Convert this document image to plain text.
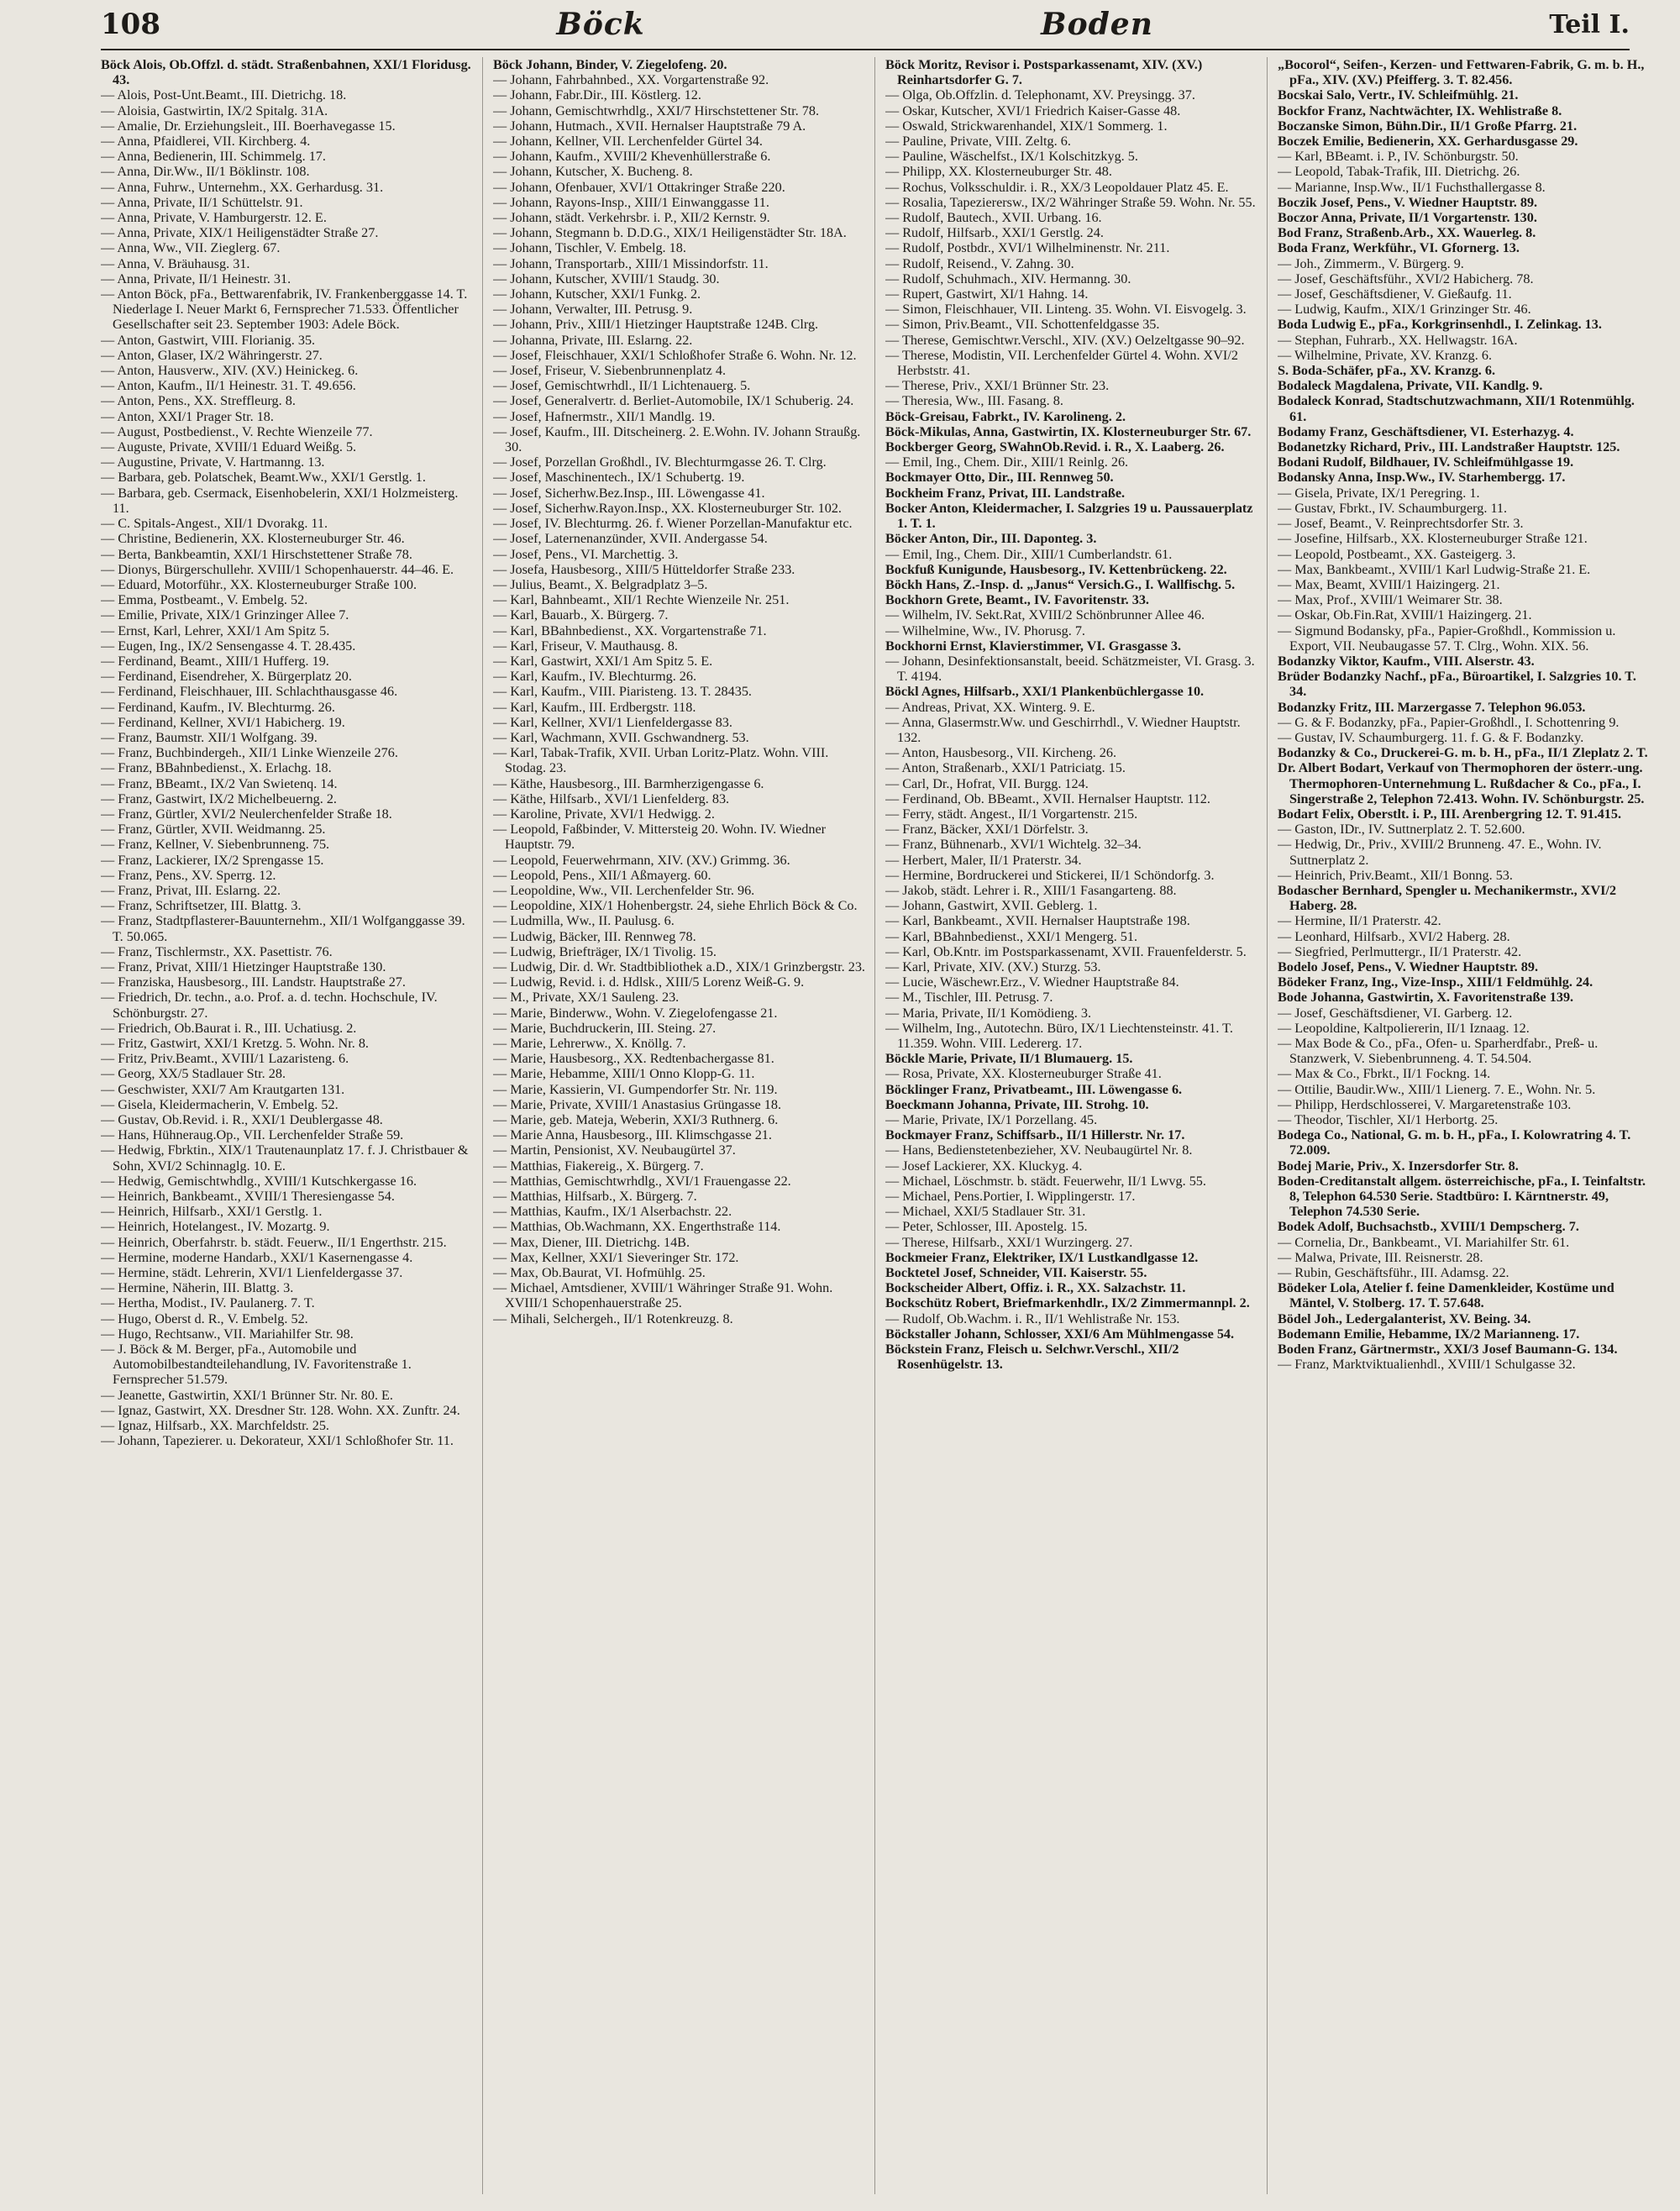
108	Böck	Boden	Teil I.

Böck Alois, Ob.Offzl. d. städt. Straßenbahnen, XXI/1 Floridusg. 43.

— Alois, Post-Unt.Beamt., III. Dietrichg. 18.

— Aloisia, Gastwirtin, IX/2 Spitalg. 31A.

— Amalie, Dr. Erziehungsleit., III. Boerhavegasse 15.

— Anna, Pfaidlerei, VII. Kirchberg. 4.

— Anna, Bedienerin, III. Schimmelg. 17.

— Anna, Dir.Ww., II/1 Böklinstr. 108.

— Anna, Fuhrw., Unternehm., XX. Gerhardusg. 31.

— Anna, Private, II/1 Schüttelstr. 91.

— Anna, Private, V. Hamburgerstr. 12. E.

— Anna, Private, XIX/1 Heiligenstädter Straße 27.

— Anna, Ww., VII. Zieglerg. 67.

— Anna, V. Bräuhausg. 31.

— Anna, Private, II/1 Heinestr. 31.

— Anton Böck, pFa., Bettwarenfabrik, IV. Frankenberggasse 14. T. Niederlage I. Neuer Markt 6, Fernsprecher 71.533. Öffentlicher Gesellschafter seit 23. September 1903: Adele Böck.

— Anton, Gastwirt, VIII. Florianig. 35.

— Anton, Glaser, IX/2 Währingerstr. 27.

— Anton, Hausverw., XIV. (XV.) Heinickeg. 6.

— Anton, Kaufm., II/1 Heinestr. 31. T. 49.656.

— Anton, Pens., XX. Streffleurg. 8.

— Anton, XXI/1 Prager Str. 18.

— August, Postbedienst., V. Rechte Wienzeile 77.

— Auguste, Private, XVIII/1 Eduard Weißg. 5.

— Augustine, Private, V. Hartmanng. 13.

— Barbara, geb. Polatschek, Beamt.Ww., XXI/1 Gerstlg. 1.

— Barbara, geb. Csermack, Eisenhobelerin, XXI/1 Holzmeisterg. 11.

— C. Spitals-Angest., XII/1 Dvorakg. 11.

— Christine, Bedienerin, XX. Klosterneuburger Str. 46.

— Berta, Bankbeamtin, XXI/1 Hirschstettener Straße 78.

— Dionys, Bürgerschullehr. XVIII/1 Schopenhauerstr. 44–46. E.

— Eduard, Motorführ., XX. Klosterneuburger Straße 100.

— Emma, Postbeamt., V. Embelg. 52.

— Emilie, Private, XIX/1 Grinzinger Allee 7.

— Ernst, Karl, Lehrer, XXI/1 Am Spitz 5.

— Eugen, Ing., IX/2 Sensengasse 4. T. 28.435.

— Ferdinand, Beamt., XIII/1 Hufferg. 19.

— Ferdinand, Eisendreher, X. Bürgerplatz 20.

— Ferdinand, Fleischhauer, III. Schlachthausgasse 46.

— Ferdinand, Kaufm., IV. Blechturmg. 26.

— Ferdinand, Kellner, XVI/1 Habicherg. 19.

— Franz, Baumstr. XII/1 Wolfgang. 39.

— Franz, Buchbindergeh., XII/1 Linke Wienzeile 276.

— Franz, BBahnbedienst., X. Erlachg. 18.

— Franz, BBeamt., IX/2 Van Swietenq. 14.

— Franz, Gastwirt, IX/2 Michelbeuerng. 2.

— Franz, Gürtler, XVI/2 Neulerchenfelder Straße 18.

— Franz, Gürtler, XVII. Weidmanng. 25.

— Franz, Kellner, V. Siebenbrunneng. 75.

— Franz, Lackierer, IX/2 Sprengasse 15.

— Franz, Pens., XV. Sperrg. 12.

— Franz, Privat, III. Eslarng. 22.

— Franz, Schriftsetzer, III. Blattg. 3.

— Franz, Stadtpflasterer-Bauunternehm., XII/1 Wolfganggasse 39. T. 50.065.

— Franz, Tischlermstr., XX. Pasettistr. 76.

— Franz, Privat, XIII/1 Hietzinger Hauptstraße 130.

— Franziska, Hausbesorg., III. Landstr. Hauptstraße 27.

— Friedrich, Dr. techn., a.o. Prof. a. d. techn. Hochschule, IV. Schönburgstr. 27.

— Friedrich, Ob.Baurat i. R., III. Uchatiusg. 2.

— Fritz, Gastwirt, XXI/1 Kretzg. 5. Wohn. Nr. 8.

— Fritz, Priv.Beamt., XVIII/1 Lazaristeng. 6.

— Georg, XX/5 Stadlauer Str. 28.

— Geschwister, XXI/7 Am Krautgarten 131.

— Gisela, Kleidermacherin, V. Embelg. 52.

— Gustav, Ob.Revid. i. R., XXI/1 Deublergasse 48.

— Hans, Hühneraug.Op., VII. Lerchenfelder Straße 59.

— Hedwig, Fbrktin., XIX/1 Trautenaunplatz 17. f. J. Christbauer & Sohn, XVI/2 Schinnaglg. 10. E.

— Hedwig, Gemischtwhdlg., XVIII/1 Kutschkergasse 16.

— Heinrich, Bankbeamt., XVIII/1 Theresiengasse 54.

— Heinrich, Hilfsarb., XXI/1 Gerstlg. 1.

— Heinrich, Hotelangest., IV. Mozartg. 9.

— Heinrich, Oberfahrstr. b. städt. Feuerw., II/1 Engerthstr. 215.

— Hermine, moderne Handarb., XXI/1 Kasernengasse 4.

— Hermine, städt. Lehrerin, XVI/1 Lienfeldergasse 37.

— Hermine, Näherin, III. Blattg. 3.

— Hertha, Modist., IV. Paulanerg. 7. T.

— Hugo, Oberst d. R., V. Embelg. 52.

— Hugo, Rechtsanw., VII. Mariahilfer Str. 98.

— J. Böck & M. Berger, pFa., Automobile und Automobilbestandteilehandlung, IV. Favoritenstraße 1. Fernsprecher 51.579.

— Jeanette, Gastwirtin, XXI/1 Brünner Str. Nr. 80. E.

— Ignaz, Gastwirt, XX. Dresdner Str. 128. Wohn. XX. Zunftr. 24.

— Ignaz, Hilfsarb., XX. Marchfeldstr. 25.

— Johann, Tapezierer. u. Dekorateur, XXI/1 Schloßhofer Str. 11.

Böck Johann, Binder, V. Ziegelofeng. 20.

— Johann, Fahrbahnbed., XX. Vorgartenstraße 92.

— Johann, Fabr.Dir., III. Köstlerg. 12.

— Johann, Gemischtwrhdlg., XXI/7 Hirschstettener Str. 78.

— Johann, Hutmach., XVII. Hernalser Hauptstraße 79 A.

— Johann, Kellner, VII. Lerchenfelder Gürtel 34.

— Johann, Kaufm., XVIII/2 Khevenhüllerstraße 6.

— Johann, Kutscher, X. Bucheng. 8.

— Johann, Ofenbauer, XVI/1 Ottakringer Straße 220.

— Johann, Rayons-Insp., XIII/1 Einwanggasse 11.

— Johann, städt. Verkehrsbr. i. P., XII/2 Kernstr. 9.

— Johann, Stegmann b. D.D.G., XIX/1 Heiligenstädter Str. 18A.

— Johann, Tischler, V. Embelg. 18.

— Johann, Transportarb., XIII/1 Missindorfstr. 11.

— Johann, Kutscher, XVIII/1 Staudg. 30.

— Johann, Kutscher, XXI/1 Funkg. 2.

— Johann, Verwalter, III. Petrusg. 9.

— Johann, Priv., XIII/1 Hietzinger Hauptstraße 124B. Clrg.

— Johanna, Private, III. Eslarng. 22.

— Josef, Fleischhauer, XXI/1 Schloßhofer Straße 6. Wohn. Nr. 12.

— Josef, Friseur, V. Siebenbrunnenplatz 4.

— Josef, Gemischtwrhdl., II/1 Lichtenauerg. 5.

— Josef, Generalvertr. d. Berliet-Automobile, IX/1 Schuberig. 24.

— Josef, Hafnermstr., XII/1 Mandlg. 19.

— Josef, Kaufm., III. Ditscheinerg. 2. E.Wohn. IV. Johann Straußg. 30.

— Josef, Porzellan Großhdl., IV. Blechturmgasse 26. T. Clrg.

— Josef, Maschinentech., IX/1 Schubertg. 19.

— Josef, Sicherhw.Bez.Insp., III. Löwengasse 41.

— Josef, Sicherhw.Rayon.Insp., XX. Klosterneuburger Str. 102.

— Josef, IV. Blechturmg. 26. f. Wiener Porzellan-Manufaktur etc.

— Josef, Laternenanzünder, XVII. Andergasse 54.

— Josef, Pens., VI. Marchettig. 3.

— Josefa, Hausbesorg., XIII/5 Hütteldorfer Straße 233.

— Julius, Beamt., X. Belgradplatz 3–5.

— Karl, Bahnbeamt., XII/1 Rechte Wienzeile Nr. 251.

— Karl, Bauarb., X. Bürgerg. 7.

— Karl, BBahnbedienst., XX. Vorgartenstraße 71.

— Karl, Friseur, V. Mauthausg. 8.

— Karl, Gastwirt, XXI/1 Am Spitz 5. E.

— Karl, Kaufm., IV. Blechturmg. 26.

— Karl, Kaufm., VIII. Piaristeng. 13. T. 28435.

— Karl, Kaufm., III. Erdbergstr. 118.

— Karl, Kellner, XVI/1 Lienfeldergasse 83.

— Karl, Wachmann, XVII. Gschwandnerg. 53.

— Karl, Tabak-Trafik, XVII. Urban Loritz-Platz. Wohn. VIII. Stodag. 23.

— Käthe, Hausbesorg., III. Barmherzigengasse 6.

— Käthe, Hilfsarb., XVI/1 Lienfelderg. 83.

— Karoline, Private, XVI/1 Hedwigg. 2.

— Leopold, Faßbinder, V. Mittersteig 20. Wohn. IV. Wiedner Hauptstr. 79.

— Leopold, Feuerwehrmann, XIV. (XV.) Grimmg. 36.

— Leopold, Pens., XII/1 Aßmayerg. 60.

— Leopoldine, Ww., VII. Lerchenfelder Str. 96.

— Leopoldine, XIX/1 Hohenbergstr. 24, siehe Ehrlich Böck & Co.

— Ludmilla, Ww., II. Paulusg. 6.

— Ludwig, Bäcker, III. Rennweg 78.

— Ludwig, Briefträger, IX/1 Tivolig. 15.

— Ludwig, Dir. d. Wr. Stadtbibliothek a.D., XIX/1 Grinzbergstr. 23.

— Ludwig, Revid. i. d. Hdlsk., XIII/5 Lorenz Weiß-G. 9.

— M., Private, XX/1 Sauleng. 23.

— Marie, Binderww., Wohn. V. Ziegelofengasse 21.

— Marie, Buchdruckerin, III. Steing. 27.

— Marie, Lehrerww., X. Knöllg. 7.

— Marie, Hausbesorg., XX. Redtenbachergasse 81.

— Marie, Hebamme, XIII/1 Onno Klopp-G. 11.

— Marie, Kassierin, VI. Gumpendorfer Str. Nr. 119.

— Marie, Private, XVIII/1 Anastasius Grüngasse 18.

— Marie, geb. Mateja, Weberin, XXI/3 Ruthnerg. 6.

— Marie Anna, Hausbesorg., III. Klimschgasse 21.

— Martin, Pensionist, XV. Neubaugürtel 37.

— Matthias, Fiakereig., X. Bürgerg. 7.

— Matthias, Gemischtwrhdlg., XVI/1 Frauengasse 22.

— Matthias, Hilfsarb., X. Bürgerg. 7.

— Matthias, Kaufm., IX/1 Alserbachstr. 22.

— Matthias, Ob.Wachmann, XX. Engerthstraße 114.

— Max, Diener, III. Dietrichg. 14B.

— Max, Kellner, XXI/1 Sieveringer Str. 172.

— Max, Ob.Baurat, VI. Hofmühlg. 25.

— Michael, Amtsdiener, XVIII/1 Währinger Straße 91. Wohn. XVIII/1 Schopenhauerstraße 25.

— Mihali, Selchergeh., II/1 Rotenkreuzg. 8.

Böck Moritz, Revisor i. Postsparkassenamt, XIV. (XV.) Reinhartsdorfer G. 7.

— Olga, Ob.Offzlin. d. Telephonamt, XV. Preysingg. 37.

— Oskar, Kutscher, XVI/1 Friedrich Kaiser-Gasse 48.

— Oswald, Strickwarenhandel, XIX/1 Sommerg. 1.

— Pauline, Private, VIII. Zeltg. 6.

— Pauline, Wäschelfst., IX/1 Kolschitzkyg. 5.

— Philipp, XX. Klosterneuburger Str. 48.

— Rochus, Volksschuldir. i. R., XX/3 Leopoldauer Platz 45. E.

— Rosalia, Tapezierersw., IX/2 Währinger Straße 59. Wohn. Nr. 55.

— Rudolf, Bautech., XVII. Urbang. 16.

— Rudolf, Hilfsarb., XXI/1 Gerstlg. 24.

— Rudolf, Postbdr., XVI/1 Wilhelminenstr. Nr. 211.

— Rudolf, Reisend., V. Zahng. 30.

— Rudolf, Schuhmach., XIV. Hermanng. 30.

— Rupert, Gastwirt, XI/1 Hahng. 14.

— Simon, Fleischhauer, VII. Linteng. 35. Wohn. VI. Eisvogelg. 3.

— Simon, Priv.Beamt., VII. Schottenfeldgasse 35.

— Therese, Gemischtwr.Verschl., XIV. (XV.) Oelzeltgasse 90–92.

— Therese, Modistin, VII. Lerchenfelder Gürtel 4. Wohn. XVI/2 Herbststr. 41.

— Therese, Priv., XXI/1 Brünner Str. 23.

— Theresia, Ww., III. Fasang. 8.

Böck-Greisau, Fabrkt., IV. Karolineng. 2.

Böck-Mikulas, Anna, Gastwirtin, IX. Klosterneuburger Str. 67.

Bockberger Georg, SWahnOb.Revid. i. R., X. Laaberg. 26.

— Emil, Ing., Chem. Dir., XIII/1 Reinlg. 26.

Bockmayer Otto, Dir., III. Rennweg 50.

Bockheim Franz, Privat, III. Landstraße.

Bocker Anton, Kleidermacher, I. Salzgries 19 u. Paussauerplatz 1. T. 1.

Böcker Anton, Dir., III. Daponteg. 3.

— Emil, Ing., Chem. Dir., XIII/1 Cumberlandstr. 61.

Bockfuß Kunigunde, Hausbesorg., IV. Kettenbrückeng. 22.

Böckh Hans, Z.-Insp. d. „Janus“ Versich.G., I. Wallfischg. 5.

Bockhorn Grete, Beamt., IV. Favoritenstr. 33.

— Wilhelm, IV. Sekt.Rat, XVIII/2 Schönbrunner Allee 46.

— Wilhelmine, Ww., IV. Phorusg. 7.

Bockhorni Ernst, Klavierstimmer, VI. Grasgasse 3.

— Johann, Desinfektionsanstalt, beeid. Schätzmeister, VI. Grasg. 3. T. 4194.

Böckl Agnes, Hilfsarb., XXI/1 Plankenbüchlergasse 10.

— Andreas, Privat, XX. Winterg. 9. E.

— Anna, Glasermstr.Ww. und Geschirrhdl., V. Wiedner Hauptstr. 132.

— Anton, Hausbesorg., VII. Kircheng. 26.

— Anton, Straßenarb., XXI/1 Patriciatg. 15.

— Carl, Dr., Hofrat, VII. Burgg. 124.

— Ferdinand, Ob. BBeamt., XVII. Hernalser Hauptstr. 112.

— Ferry, städt. Angest., II/1 Vorgartenstr. 215.

— Franz, Bäcker, XXI/1 Dörfelstr. 3.

— Franz, Bühnenarb., XVI/1 Wichtelg. 32–34.

— Herbert, Maler, II/1 Praterstr. 34.

— Hermine, Bordruckerei und Stickerei, II/1 Schöndorfg. 3.

— Jakob, städt. Lehrer i. R., XIII/1 Fasangarteng. 88.

— Johann, Gastwirt, XVII. Geblerg. 1.

— Karl, Bankbeamt., XVII. Hernalser Hauptstraße 198.

— Karl, BBahnbedienst., XXI/1 Mengerg. 51.

— Karl, Ob.Kntr. im Postsparkassenamt, XVII. Frauenfelderstr. 5.

— Karl, Private, XIV. (XV.) Sturzg. 53.

— Lucie, Wäschewr.Erz., V. Wiedner Hauptstraße 84.

— M., Tischler, III. Petrusg. 7.

— Maria, Private, II/1 Komödieng. 3.

— Wilhelm, Ing., Autotechn. Büro, IX/1 Liechtensteinstr. 41. T. 11.359. Wohn. VIII. Ledererg. 17.

Böckle Marie, Private, II/1 Blumauerg. 15.

— Rosa, Private, XX. Klosterneuburger Straße 41.

Böcklinger Franz, Privatbeamt., III. Löwengasse 6.

Boeckmann Johanna, Private, III. Strohg. 10.

— Marie, Private, IX/1 Porzellang. 45.

Bockmayer Franz, Schiffsarb., II/1 Hillerstr. Nr. 17.

— Hans, Bedienstetenbezieher, XV. Neubaugürtel Nr. 8.

— Josef Lackierer, XX. Kluckyg. 4.

— Michael, Löschmstr. b. städt. Feuerwehr, II/1 Lwvg. 55.

— Michael, Pens.Portier, I. Wipplingerstr. 17.

— Michael, XXI/5 Stadlauer Str. 31.

— Peter, Schlosser, III. Apostelg. 15.

— Therese, Hilfsarb., XXI/1 Wurzingerg. 27.

Bockmeier Franz, Elektriker, IX/1 Lustkandlgasse 12.

Bocktetel Josef, Schneider, VII. Kaiserstr. 55.

Bockscheider Albert, Offiz. i. R., XX. Salzachstr. 11.

Bockschütz Robert, Briefmarkenhdlr., IX/2 Zimmermannpl. 2.

— Rudolf, Ob.Wachm. i. R., II/1 Wehlistraße Nr. 153.

Böckstaller Johann, Schlosser, XXI/6 Am Mühlmengasse 54.

Böckstein Franz, Fleisch u. Selchwr.Verschl., XII/2 Rosenhügelstr. 13.

„Bocorol“, Seifen-, Kerzen- und Fettwaren-Fabrik, G. m. b. H., pFa., XIV. (XV.) Pfeifferg. 3. T. 82.456.

Bocskai Salo, Vertr., IV. Schleifmühlg. 21.

Bockfor Franz, Nachtwächter, IX. Wehlistraße 8.

Boczanske Simon, Bühn.Dir., II/1 Große Pfarrg. 21.

Boczek Emilie, Bedienerin, XX. Gerhardusgasse 29.

— Karl, BBeamt. i. P., IV. Schönburgstr. 50.

— Leopold, Tabak-Trafik, III. Dietrichg. 26.

— Marianne, Insp.Ww., II/1 Fuchsthallergasse 8.

Boczik Josef, Pens., V. Wiedner Hauptstr. 89.

Boczor Anna, Private, II/1 Vorgartenstr. 130.

Bod Franz, Straßenb.Arb., XX. Wauerleg. 8.

Boda Franz, Werkführ., VI. Gfornerg. 13.

— Joh., Zimmerm., V. Bürgerg. 9.

— Josef, Geschäftsführ., XVI/2 Habicherg. 78.

— Josef, Geschäftsdiener, V. Gießaufg. 11.

— Ludwig, Kaufm., XIX/1 Grinzinger Str. 46.

Boda Ludwig E., pFa., Korkgrinsenhdl., I. Zelinkag. 13.

— Stephan, Fuhrarb., XX. Hellwagstr. 16A.

— Wilhelmine, Private, XV. Kranzg. 6.

S. Boda-Schäfer, pFa., XV. Kranzg. 6.

Bodaleck Magdalena, Private, VII. Kandlg. 9.

Bodaleck Konrad, Stadtschutzwachmann, XII/1 Rotenmühlg. 61.

Bodamy Franz, Geschäftsdiener, VI. Esterhazyg. 4.

Bodanetzky Richard, Priv., III. Landstraßer Hauptstr. 125.

Bodani Rudolf, Bildhauer, IV. Schleifmühlgasse 19.

Bodansky Anna, Insp.Ww., IV. Starhembergg. 17.

— Gisela, Private, IX/1 Peregring. 1.

— Gustav, Fbrkt., IV. Schaumburgerg. 11.

— Josef, Beamt., V. Reinprechtsdorfer Str. 3.

— Josefine, Hilfsarb., XX. Klosterneuburger Straße 121.

— Leopold, Postbeamt., XX. Gasteigerg. 3.

— Max, Bankbeamt., XVIII/1 Karl Ludwig-Straße 21. E.

— Max, Beamt, XVIII/1 Haizingerg. 21.

— Max, Prof., XVIII/1 Weimarer Str. 38.

— Oskar, Ob.Fin.Rat, XVIII/1 Haizingerg. 21.

— Sigmund Bodansky, pFa., Papier-Großhdl., Kommission u. Export, VII. Neubaugasse 57. T. Clrg., Wohn. XIX. 56.

Bodanzky Viktor, Kaufm., VIII. Alserstr. 43.

Brüder Bodanzky Nachf., pFa., Büroartikel, I. Salzgries 10. T. 34.

Bodanzky Fritz, III. Marzergasse 7. Telephon 96.053.

— G. & F. Bodanzky, pFa., Papier-Großhdl., I. Schottenring 9.

— Gustav, IV. Schaumburgerg. 11. f. G. & F. Bodanzky.

Bodanzky & Co., Druckerei-G. m. b. H., pFa., II/1 Zleplatz 2. T.

Dr. Albert Bodart, Verkauf von Thermophoren der österr.-ung. Thermophoren-Unternehmung L. Rußdacher & Co., pFa., I. Singerstraße 2, Telephon 72.413. Wohn. IV. Schönburgstr. 25.

Bodart Felix, Oberstlt. i. P., III. Arenbergring 12. T. 91.415.

— Gaston, IDr., IV. Suttnerplatz 2. T. 52.600.

— Hedwig, Dr., Priv., XVIII/2 Brunneng. 47. E., Wohn. IV. Suttnerplatz 2.

— Heinrich, Priv.Beamt., XII/1 Bonng. 53.

Bodascher Bernhard, Spengler u. Mechanikermstr., XVI/2 Haberg. 28.

— Hermine, II/1 Praterstr. 42.

— Leonhard, Hilfsarb., XVI/2 Haberg. 28.

— Siegfried, Perlmuttergr., II/1 Praterstr. 42.

Bodelo Josef, Pens., V. Wiedner Hauptstr. 89.

Bödeker Franz, Ing., Vize-Insp., XIII/1 Feldmühlg. 24.

Bode Johanna, Gastwirtin, X. Favoritenstraße 139.

— Josef, Geschäftsdiener, VI. Garberg. 12.

— Leopoldine, Kaltpoliererin, II/1 Iznaag. 12.

— Max Bode & Co., pFa., Ofen- u. Sparherdfabr., Preß- u. Stanzwerk, V. Siebenbrunneng. 4. T. 54.504.

— Max & Co., Fbrkt., II/1 Fockng. 14.

— Ottilie, Baudir.Ww., XIII/1 Lienerg. 7. E., Wohn. Nr. 5.

— Philipp, Herdschlosserei, V. Margaretenstraße 103.

— Theodor, Tischler, XI/1 Herbortg. 25.

Bodega Co., National, G. m. b. H., pFa., I. Kolowratring 4. T. 72.009.

Bodej Marie, Priv., X. Inzersdorfer Str. 8.

Boden-Creditanstalt allgem. österreichische, pFa., I. Teinfaltstr. 8, Telephon 64.530 Serie. Stadtbüro: I. Kärntnerstr. 49, Telephon 74.530 Serie.

Bodek Adolf, Buchsachstb., XVIII/1 Dempscherg. 7.

— Cornelia, Dr., Bankbeamt., VI. Mariahilfer Str. 61.

— Malwa, Private, III. Reisnerstr. 28.

— Rubin, Geschäftsführ., III. Adamsg. 22.

Bödeker Lola, Atelier f. feine Damenkleider, Kostüme und Mäntel, V. Stolberg. 17. T. 57.648.

Bödel Joh., Ledergalanterist, XV. Being. 34.

Bodemann Emilie, Hebamme, IX/2 Marianneng. 17.

Boden Franz, Gärtnermstr., XXI/3 Josef Baumann-G. 134.

— Franz, Marktviktualienhdl., XVIII/1 Schulgasse 32.
